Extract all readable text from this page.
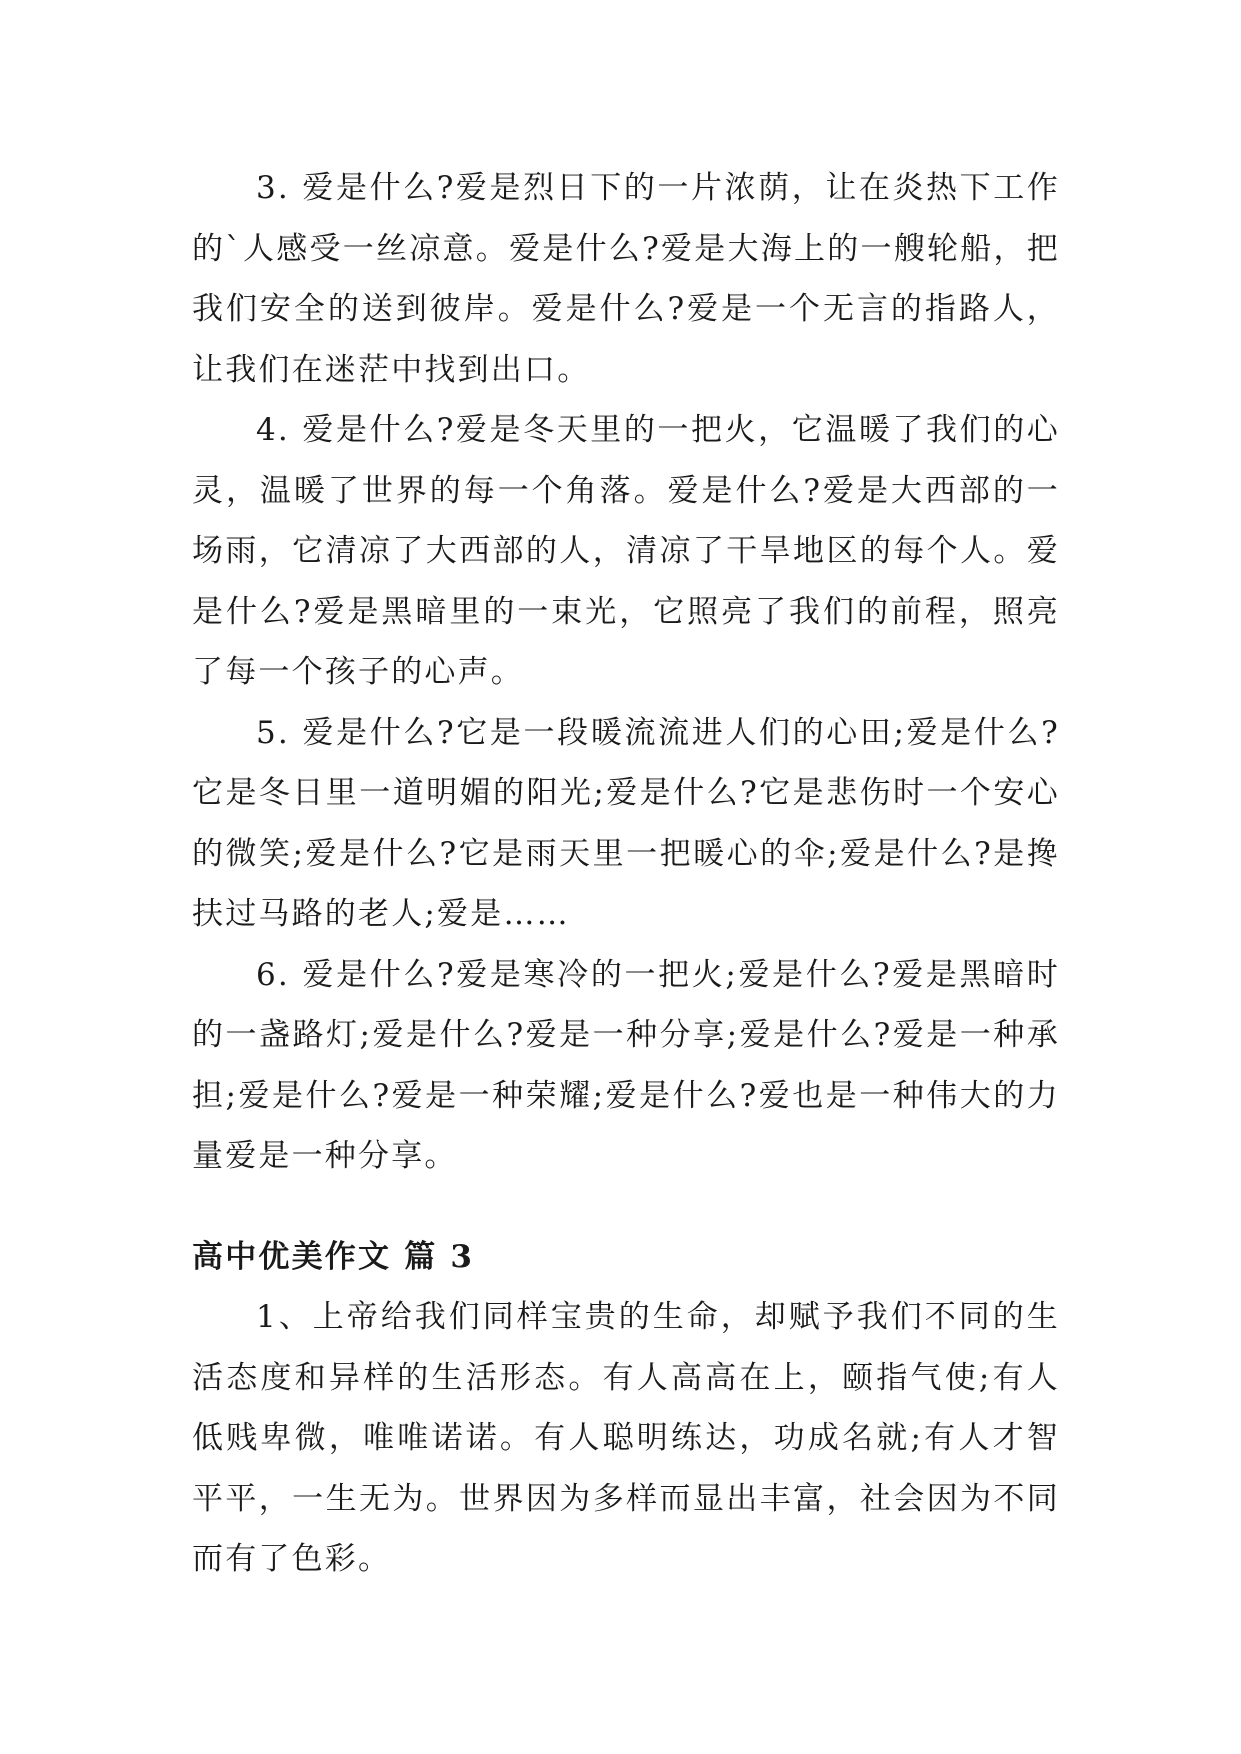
3. 爱是什么?爱是烈日下的一片浓荫，让在炎热下工作的`人感受一丝凉意。爱是什么?爱是大海上的一艘轮船，把我们安全的送到彼岸。爱是什么?爱是一个无言的指路人，让我们在迷茫中找到出口。

4. 爱是什么?爱是冬天里的一把火，它温暖了我们的心灵，温暖了世界的每一个角落。爱是什么?爱是大西部的一场雨，它清凉了大西部的人，清凉了干旱地区的每个人。爱是什么?爱是黑暗里的一束光，它照亮了我们的前程，照亮了每一个孩子的心声。

5. 爱是什么?它是一段暖流流进人们的心田;爱是什么?它是冬日里一道明媚的阳光;爱是什么?它是悲伤时一个安心的微笑;爱是什么?它是雨天里一把暖心的伞;爱是什么?是搀扶过马路的老人;爱是……

6. 爱是什么?爱是寒冷的一把火;爱是什么?爱是黑暗时的一盏路灯;爱是什么?爱是一种分享;爱是什么?爱是一种承担;爱是什么?爱是一种荣耀;爱是什么?爱也是一种伟大的力量爱是一种分享。

高中优美作文 篇 3

1、上帝给我们同样宝贵的生命，却赋予我们不同的生活态度和异样的生活形态。有人高高在上，颐指气使;有人低贱卑微，唯唯诺诺。有人聪明练达，功成名就;有人才智平平，一生无为。世界因为多样而显出丰富，社会因为不同而有了色彩。
